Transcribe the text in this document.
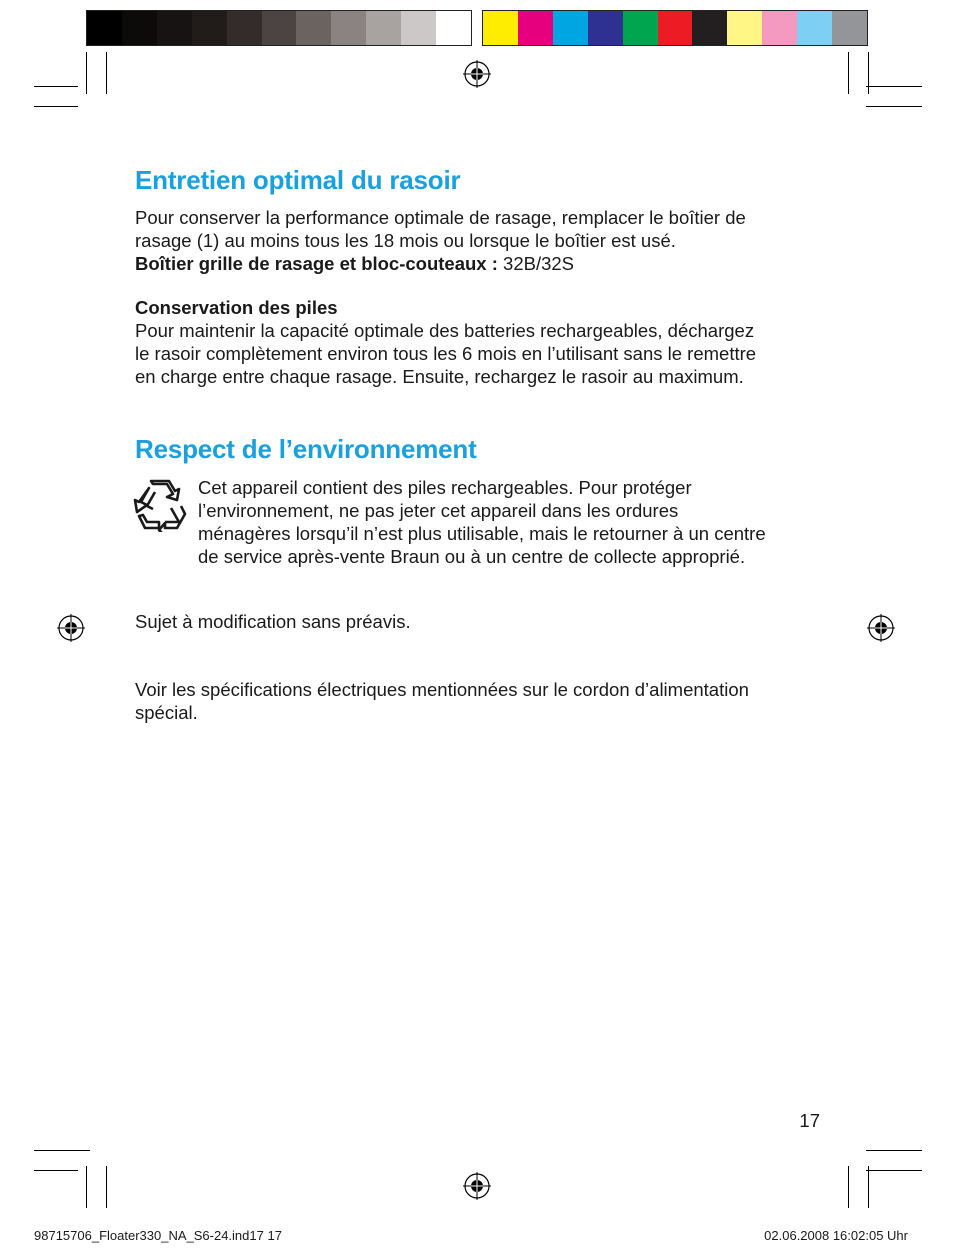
Entretien optimal du rasoir
Pour conserver la performance optimale de rasage, remplacer le boîtier de
rasage (1) au moins tous les 18 mois ou lorsque le boîtier est usé.
Boîtier grille de rasage et bloc-couteaux : 32B/32S
Conservation des piles
Pour maintenir la capacité optimale des batteries rechargeables, déchargez
le rasoir complètement environ tous les 6 mois en l’utilisant sans le remettre
en charge entre chaque rasage. Ensuite, rechargez le rasoir au maximum.
Respect de l’environnement
Cet appareil contient des piles rechargeables. Pour protéger
l’environnement, ne pas jeter cet appareil dans les ordures
ménagères lorsqu’il n’est plus utilisable, mais le retourner à un centre
de service après-vente Braun ou à un centre de collecte approprié.
Sujet à modification sans préavis.
Voir les spécifications électriques mentionnées sur le cordon d’alimentation
spécial.
17
98715706_Floater330_NA_S6-24.ind17 17	02.06.2008 16:02:05 Uhr
